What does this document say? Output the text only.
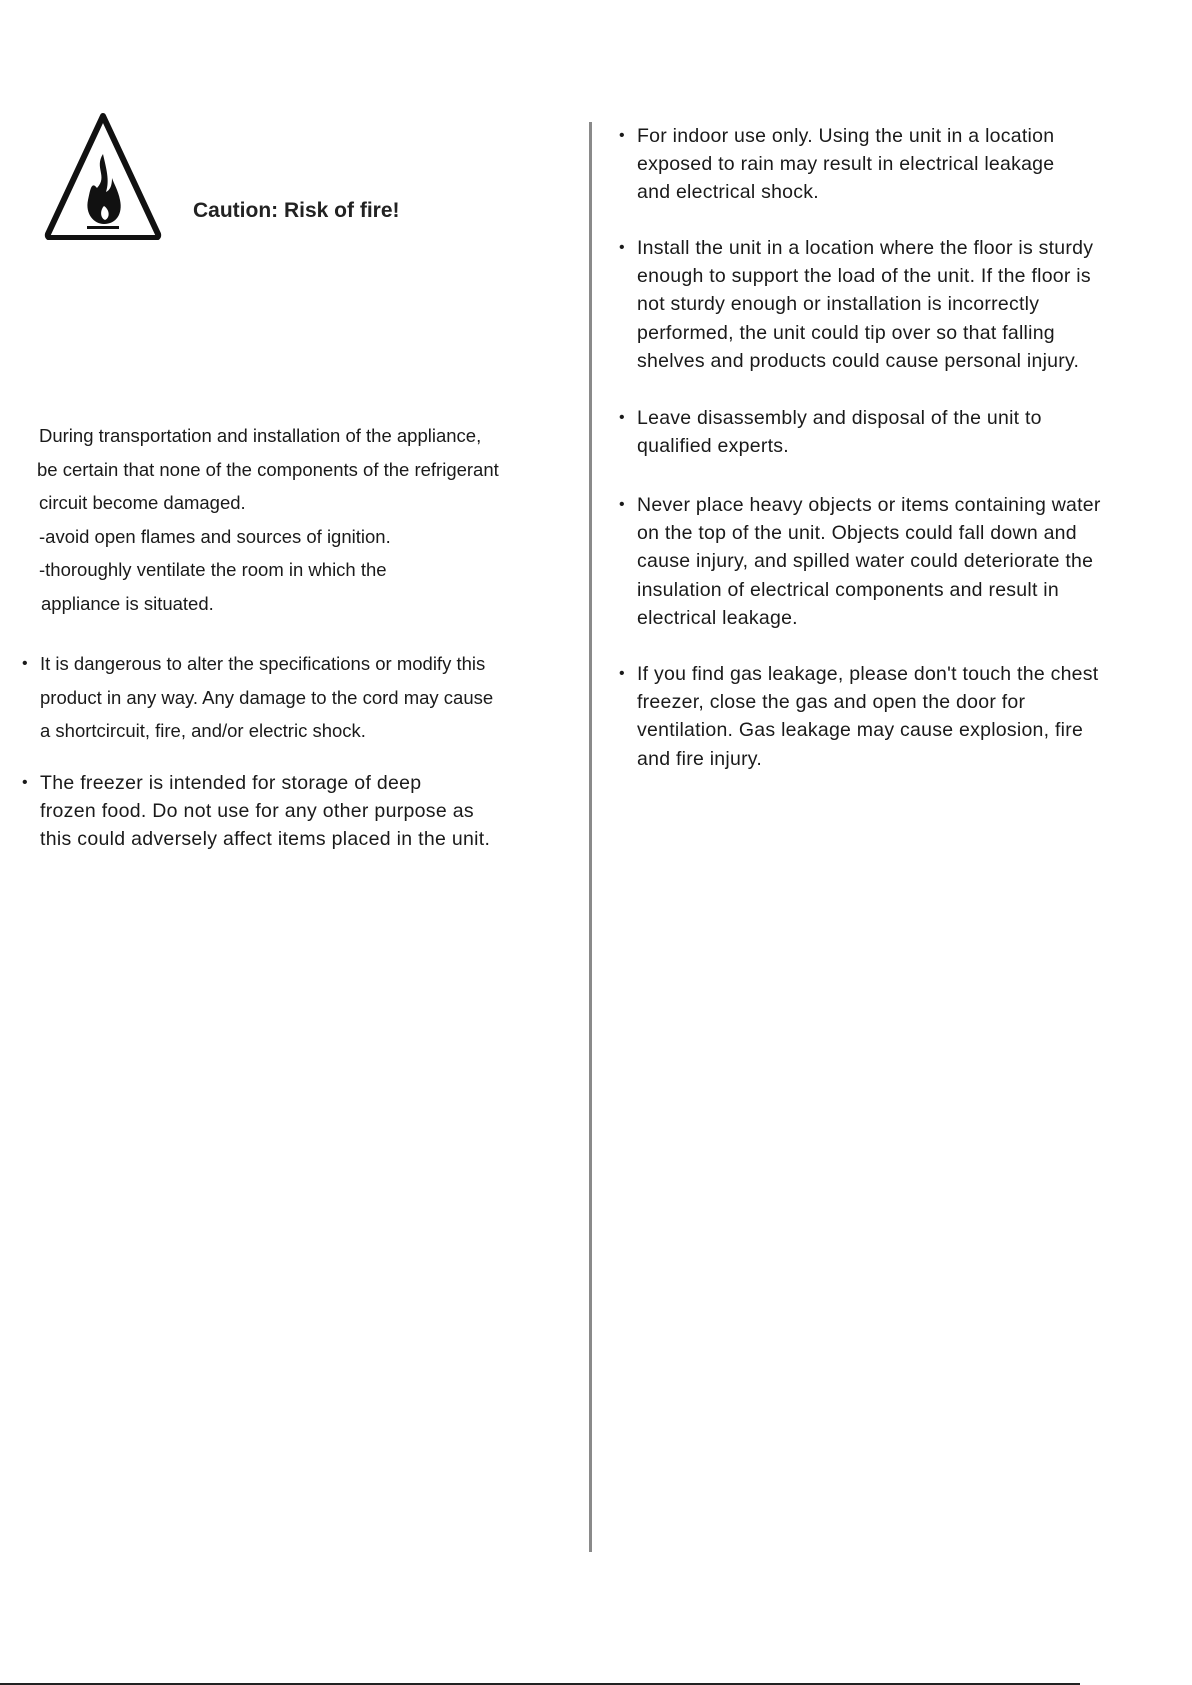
Caution: Risk of fire!
During transportation and installation of the appliance,
be certain that none of the components of the refrigerant
circuit become damaged.
-avoid open flames and sources of ignition.
-thoroughly ventilate the room in which the
appliance is situated.
• It is dangerous to alter the specifications or modify this
product in any way. Any damage to the cord may cause
a shortcircuit, fire, and/or electric shock.
• The freezer is intended for storage of deep
frozen food. Do not use for any other purpose as
this could adversely affect items placed in the unit.
• For indoor use only. Using the unit in a location
exposed to rain may result in electrical leakage
and electrical shock.
• Install the unit in a location where the floor is sturdy
enough to support the load of the unit. If the floor is
not sturdy enough or installation is incorrectly
performed, the unit could tip over so that falling
shelves and products could cause personal injury.
• Leave disassembly and disposal of the unit to
qualified experts.
• Never place heavy objects or items containing water
on the top of the unit. Objects could fall down and
cause injury, and spilled water could deteriorate the
insulation of electrical components and result in
electrical leakage.
• If you find gas leakage, please don't touch the chest
freezer, close the gas and open the door for
ventilation. Gas leakage may cause explosion, fire
and fire injury.
